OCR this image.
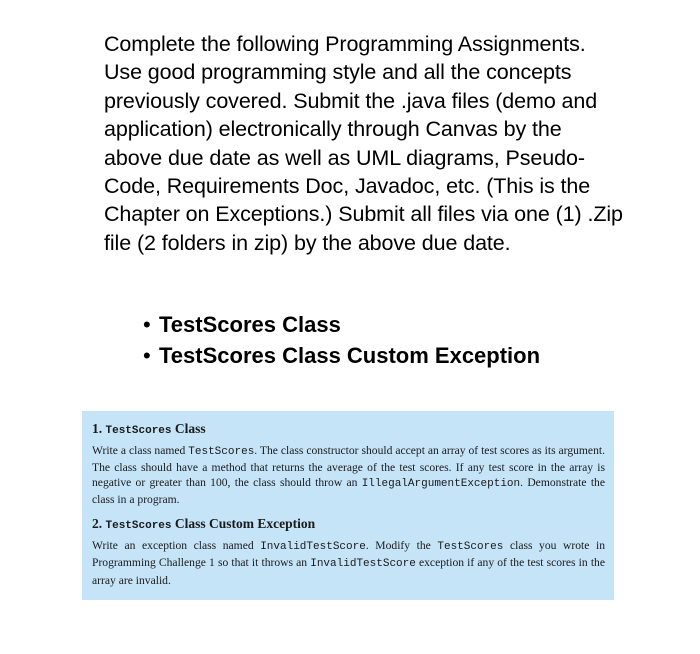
Complete the following Programming Assignments. Use good programming style and all the concepts previously covered. Submit the .java files (demo and application) electronically through Canvas by the above due date as well as UML diagrams, Pseudo-Code, Requirements Doc, Javadoc, etc. (This is the Chapter on Exceptions.) Submit all files via one (1) .Zip file (2 folders in zip) by the above due date.

• TestScores Class
• TestScores Class Custom Exception
1. TestScores Class

Write a class named TestScores. The class constructor should accept an array of test scores as its argument. The class should have a method that returns the average of the test scores. If any test score in the array is negative or greater than 100, the class should throw an IllegalArgumentException. Demonstrate the class in a program.

2. TestScores Class Custom Exception

Write an exception class named InvalidTestScore. Modify the TestScores class you wrote in Programming Challenge 1 so that it throws an InvalidTestScore exception if any of the test scores in the array are invalid.
